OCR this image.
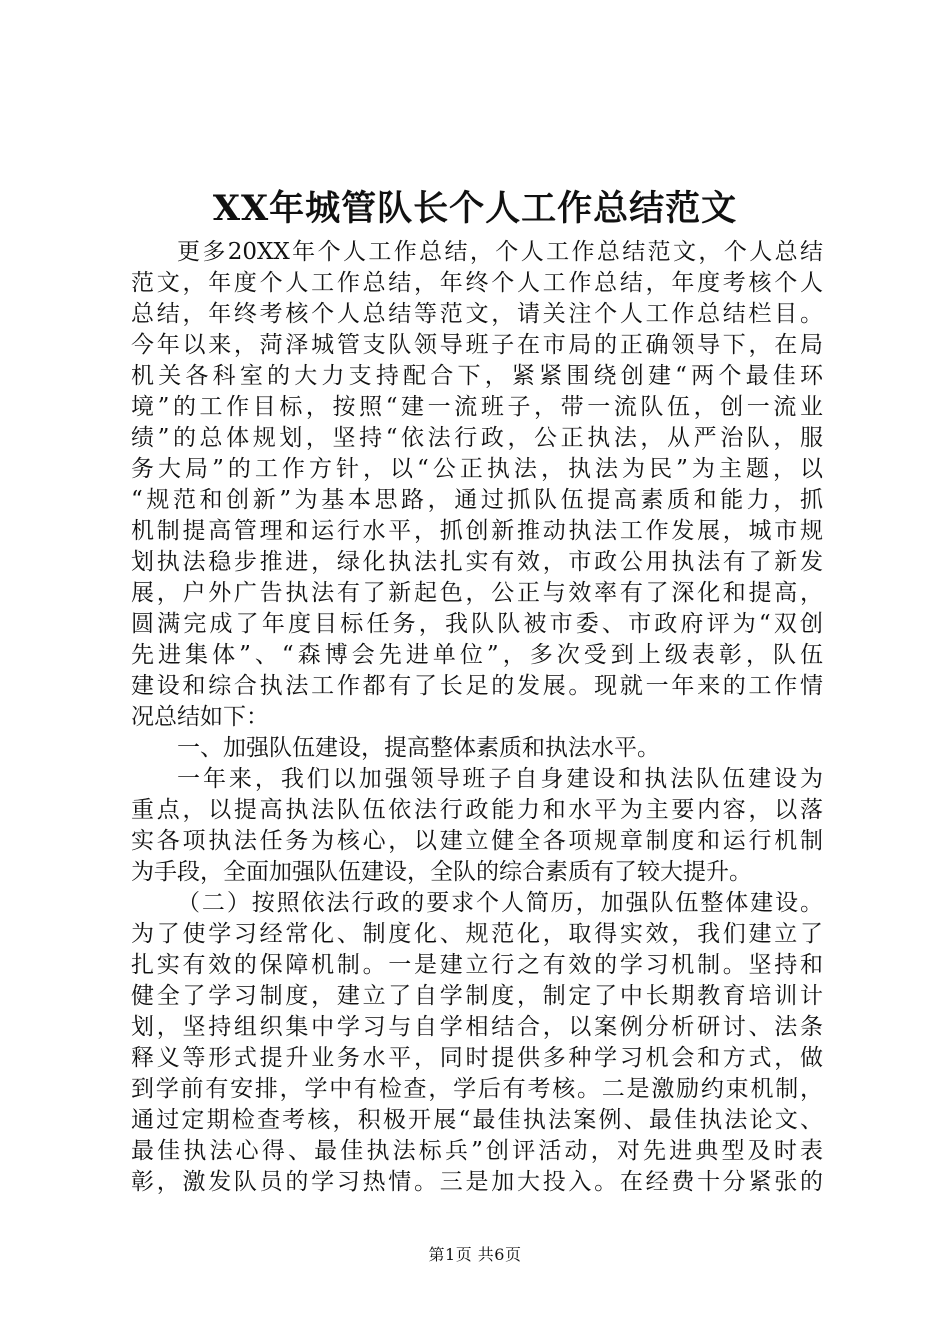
XX年城管队长个人工作总结范文
更多20XX年个人工作总结，个人工作总结范文，个人总结
范文，年度个人工作总结，年终个人工作总结，年度考核个人
总结，年终考核个人总结等范文，请关注个人工作总结栏目。
今年以来，菏泽城管支队领导班子在市局的正确领导下，在局
机关各科室的大力支持配合下，紧紧围绕创建“两个最佳环
境”的工作目标，按照“建一流班子，带一流队伍，创一流业
绩”的总体规划，坚持“依法行政，公正执法，从严治队，服
务大局”的工作方针，以“公正执法，执法为民”为主题，以
“规范和创新”为基本思路，通过抓队伍提高素质和能力，抓
机制提高管理和运行水平，抓创新推动执法工作发展，城市规
划执法稳步推进，绿化执法扎实有效，市政公用执法有了新发
展，户外广告执法有了新起色，公正与效率有了深化和提高，
圆满完成了年度目标任务，我队队被市委、市政府评为“双创
先进集体”、“森博会先进单位”，多次受到上级表彰，队伍
建设和综合执法工作都有了长足的发展。现就一年来的工作情
况总结如下：
一、加强队伍建设，提高整体素质和执法水平。
一年来，我们以加强领导班子自身建设和执法队伍建设为
重点，以提高执法队伍依法行政能力和水平为主要内容，以落
实各项执法任务为核心，以建立健全各项规章制度和运行机制
为手段，全面加强队伍建设，全队的综合素质有了较大提升。
（二）按照依法行政的要求个人简历，加强队伍整体建设。
为了使学习经常化、制度化、规范化，取得实效，我们建立了
扎实有效的保障机制。一是建立行之有效的学习机制。坚持和
健全了学习制度，建立了自学制度，制定了中长期教育培训计
划，坚持组织集中学习与自学相结合，以案例分析研讨、法条
释义等形式提升业务水平，同时提供多种学习机会和方式，做
到学前有安排，学中有检查，学后有考核。二是激励约束机制，
通过定期检查考核，积极开展“最佳执法案例、最佳执法论文、
最佳执法心得、最佳执法标兵”创评活动，对先进典型及时表
彰，激发队员的学习热情。三是加大投入。在经费十分紧张的
第1页 共6页
